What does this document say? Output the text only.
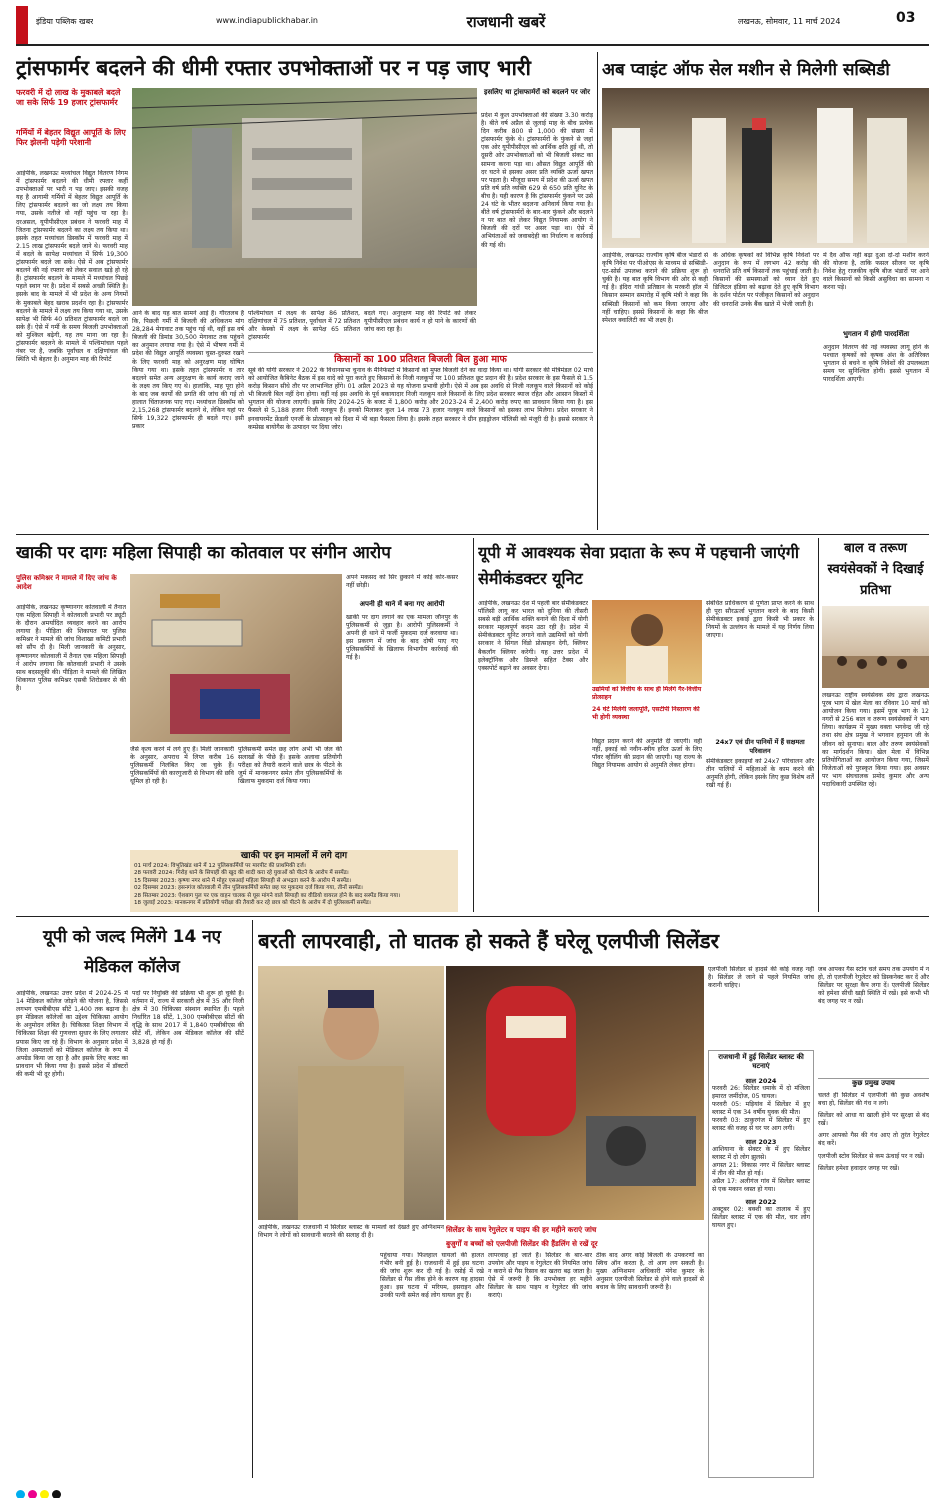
इंडिया पब्लिक खबर	www.indiapublickhabar.in	राजधानी खबरें	लखनऊ, सोमवार, 11 मार्च 2024	03
ट्रांसफार्मर बदलने की धीमी रफ्तार उपभोक्ताओं पर न पड़ जाए भारी
फरवरी में दो लाख के मुकाबले बदले जा सके सिर्फ 19 हजार ट्रांसफार्मर
गर्मियों में बेहतर विद्युत आपूर्ति के लिए फिर झेलनी पड़ेगी परेशानी
आईपीके, लखनऊः मध्यांचल विद्युत वितरण निगम में ट्रांसफार्मर बदलने की धीमी रफ्तार कहीं उपभोक्ताओं पर भारी न पड़ जाए। इसकी वजह यह है आगामी गर्मियों में बेहतर विद्युत आपूर्ति के लिए ट्रांसफार्मर बदलने का जो लक्ष्य तय किया गया, उसके नतीजे वो नहीं पहुंच पा रहा है। दरअसल, यूपीपीसीएल प्रबंधन ने फरवरी माह में जितना ट्रांसफार्मर बदलने का लक्ष्य तय किया था। इसके तहत मध्यांचल डिस्कॉम में फरवरी माह में 2.15 लाख ट्रांसफार्मर बदले जाने थे। फरवरी माह में बदले के सापेक्ष मध्यांचल में सिर्फ 19,300 ट्रांसफार्मर बदले जा सके। ऐसे में अब ट्रांसफार्मर बदलने की नई रफ्तार को लेकर सवाल खड़े हो रहे हैं। ट्रांसफार्मर बदलने के मामले में मध्यांचल पिछड़े पहले स्थान पर है। प्रदेश में सबसे अच्छी स्थिति है। इसके बाद के मामले में भी प्रदेश के अन्य निगमों के मुकाबले बेहद खराब प्रदर्शन रहा है। ट्रांसफार्मर बदलने के मामले में लक्ष्य तय किया गया था, उसके सापेक्ष भी सिर्फ 40 प्रतिशत ट्रांसफार्मर बदले जा सके हैं। ऐसे में गर्मी के समय बिजली उपभोक्ताओं को मुश्किल बढ़ेगी, यह तय माना जा रहा है। ट्रांसफार्मर बदलने के मामले में पश्चिमांचल पहले नंबर पर है, जबकि पूर्वांचल व दक्षिणांचल की स्थिति भी बेहतर है। अनुमान माह की रिपोर्ट
आने के बाद यह बात सामने आई है। गौरतलब है कि, पिछली गर्मी में बिजली की अधिकतम मांग 28,284 मेगावाट तक पहुंच गई थी, वहीं इस वर्ष बिजली की डिमांड 30,500 मेगावाट तक पहुंचने का अनुमान लगाया गया है। ऐसे में भीषण गर्मी में प्रदेश की विद्युत आपूर्ति व्यवस्था चुस्त-दुरुस्त रखने के लिए फरवरी माह को अनुरक्षण माह घोषित किया गया था। इसके तहत ट्रांसफार्मर व तार बदलने समेत अन्य अनुरक्षण के कार्य कराए जाने के लक्ष्य तय किए गए थे। हालांकि, माह पूरा होने के बाद जब कार्यों की प्रगति की जांच की गई तो हालात चिंताजनक पाए गए। मध्यांचल डिस्कॉम को 2,15,268 ट्रांसफार्मर बदलने थे, लेकिन यहां पर सिर्फ 19,322 ट्रांसफार्मर ही बदले गए। इसी प्रकार
पश्चिमांचल में लक्ष्य के सापेक्ष 86 प्रतिशत, दक्षिणांचल में 75 प्रतिशत, पूर्वांचल में 72 प्रतिशत और केस्को में लक्ष्य के सापेक्ष 65 प्रतिशत ट्रांसफार्मर
बदले गए। अनुरक्षण माह की रिपोर्ट को लेकर यूपीपीसीएल प्रबंधन कार्य न हो पाने के कारणों की जांच करा रहा है।
इसलिए था ट्रांसफार्मरों को बदलने पर जोर
प्रदेश में कुल उपभोक्ताओं की संख्या 3.30 करोड़ है। बीते वर्ष अप्रैल से जुलाई माह के बीच प्रत्येक दिन करीब 800 से 1,000 की संख्या में ट्रांसफार्मर फुंके थे। ट्रांसफार्मरों के फुंकने से जहां एक ओर यूपीपीसीएल को आर्थिक क्षति हुई थी, तो दूसरी ओर उपभोक्ताओं को भी बिजली संकट का सामना करना पड़ा था। औसत विद्युत आपूर्ति की दर घटने से इसका असर प्रति व्यक्ति ऊर्जा खपत पर पड़ता है। मौजूदा समय में प्रदेश की ऊर्जा खपत प्रति वर्ष प्रति व्यक्ति 629 से 650 प्रति यूनिट के बीच है। यही कारण है कि ट्रांसफार्मर फुंकने पर उसे 24 घंटे के भीतर बदलना अनिवार्य किया गया है। बीते वर्ष ट्रांसफार्मरों के बार-बार फुंकने और बदलने न पर बात को लेकर विद्युत नियामक आयोग ने बिजली की दरों पर असर पड़ा था। ऐसे में अभियंताओं को जवाबदेही का निर्धारण व कार्रवाई की गई थी।
किसानों का 100 प्रतिशत बिजली बिल हुआ माफ
सूबे की योगी सरकार ने 2022 के विधानसभा चुनाव के मैनिफेस्टो में किसानों को मुफ्त बिजली देने का वादा किया था। योगी सरकार की मंत्रिमंडल 02 मार्च को आयोजित कैबिनेट बैठक में इस वादे को पूरा करते हुए किसानों के निजी नलकूपों पर 100 प्रतिशत छूट प्रदान की है। प्रदेश सरकार के इस फैसले से 1.5 करोड़ किसान सीधे तौर पर लाभान्वित होंगे। 01 अप्रैल 2023 से यह योजना प्रभावी होगी। ऐसे में अब इस अवधि से निजी नलकूप वाले किसानों को कोई भी बिजली बिल नहीं देना होगा। वहीं नई इस अवधि के पूर्व बकायादार निजी नलकूप वाले किसानों के लिए प्रदेश सरकार ब्याज रहित और आसान किस्तों में भुगतान की योजना लाएगी। इसके लिए 2024-25 के बजट में 1,800 करोड़ और 2023-24 में 2,400 करोड़ रुपए का प्रावधान किया गया है। इस फैसले से 5,188 हजार निजी नलकूप हैं। इनको मिलाकर कुल 14 लाख 73 हजार नलकूप वाले किसानों को इसका लाभ मिलेगा। प्रदेश सरकार ने इनवायरमेंट फ्रेंडली एनर्जी के प्रोत्साहन को दिशा में भी बड़ा फैसला लिया है। इसके तहत सरकार ने ग्रीन हाइड्रोजन पॉलिसी को मंजूरी दी है। इससे सरकार ने कम्प्रेस्ड बायोगैस के उत्पादन पर दिया जोर।
अब प्वाइंट ऑफ सेल मशीन से मिलेगी सब्सिडी
आईपीके, लखनऊः राज्यीय कृषि बीज भंडारों से कृषि निवेश पर पीओएस के माध्यम से सब्सिडी-एट-सोर्स उपलब्ध कराने की प्रक्रिया शुरू हो चुकी है। यह बात कृषि विभाग की ओर से कही गई है। इंदिरा गांधी प्रतिष्ठान के मरकरी हॉल में किसान सम्मान समारोह में कृषि मंत्री ने कहा कि सब्सिडी किसानों को कम किया जाएगा और नहीं चाहिए। इससे किसानों के कहा कि बीज स्पेशल क्वालिटी का भी लक्ष्य है।
के अधिक कृषकों को विभिन्न कृषि निवेशों पर अनुदान के रूप में लगभग 42 करोड़ की धनराशि प्रति वर्ष किसानों तक पहुंचाई जाती है। किसानों की समस्याओं को ध्यान देते हुए डिजिटल इंडिया को बढ़ावा देते हुए कृषि विभाग के दर्शन पोर्टल पर पंजीकृत किसानों को अनुदान की धनराशि उनके बैंक खाते में भेजी जाती है।
में दैव ऑफ नहीं बढ़ा दुआ दो-दो मशीन करने की योजना है, ताकि फसल सीजन पर कृषि निवेश हेतु राजकीय कृषि बीज भंडारों पर आने वाले किसानों को किसी असुविधा का सामना न करना पड़े।
भुगतान में होगी पारदर्शिता
अनुदान वितरण की नई व्यवस्था लागू होने के पश्चात कृषकों को कृषक अंश के अतिरिक्त भुगतान से बचने व कृषि निवेशों की उपलब्धता समय पर सुनिश्चित होगी। इससे भुगतान में पारदर्शिता आएगी।
खाकी पर दागः महिला सिपाही का कोतवाल पर संगीन आरोप
पुलिस कमिश्नर ने मामले में दिए जांच के आदेश
आईपीके, लखनऊः कृष्णानगर कोतवाली में तैनात एक महिला सिपाही ने कोतवाली प्रभारी पर ड्यूटी के दौरान अमर्यादित व्यवहार करने का आरोप लगाया है। पीड़िता की शिकायत पर पुलिस कमिश्नर ने मामले की जांच विशाखा कमिटी प्रभारी को सौंप दी है। मिली जानकारी के अनुसार, कृष्णानगर कोतवाली में तैनात एक महिला सिपाही ने आरोप लगाया कि कोतवाली प्रभारी ने उसके साथ बदसलूकी की। पीड़िता ने मामले की लिखित शिकायत पुलिस कमिश्नर एसबी शिरोडकर से की है।
जैसे कृत्य करने में लगे हुए हैं। मिली जानकारी के अनुसार, अपराध में लिप्त करीब 16 पुलिसकर्मी निलंबित किए जा चुके हैं। पुलिसकर्मियों की कारगुजारी से विभाग की छवि धूमिल हो रही है।
पुलिसकर्मी समेत छह लोग अभी भी जेल की सलाखों के पीछे हैं। इसके अलावा प्रतियोगी परीक्षा को तैयारी कराने वाले छात्र के पीटने के जुर्म में मानकनगर समेत तीन पुलिसकर्मियों के खिलाफ मुकदमा दर्ज किया गया।
अपने मकसद को सिर छुकाने में कोई कोर-कसर नहीं छोड़ी।
अपनी ही थाने में बना गए आरोपी
खाकी पर दाग लगाने का एक मामला जौनपुर के पुलिसकर्मी से जुड़ा है। आरोपी पुलिसकर्मी ने अपनी ही थाने में फर्जी मुकदमा दर्ज करवाया था। इस प्रकरण में जांच के बाद दोषी पाए गए पुलिसकर्मियों के खिलाफ विभागीय कार्रवाई की गई है।
खाकी पर इन मामलों में लगे दाग
01 मार्च 2024: विभूतिखंड थाने में 12 पुलिसकर्मियों पर मारपीट की प्राथमिकी दर्ज।
28 फरवरी 2024: गिरोह थाने के सिपाही की खुद की शादी करा रहे युवाओं को पीटने के आरोप में सस्पेंड।
15 दिसम्बर 2023: कृष्णा नगर थाने में मोहुर एसआई महिला सिपाही से अभद्रता करने के आरोप में सस्पेंड।
02 दिसम्बर 2023: हसनगंज कोतवाली में तीन पुलिसकर्मियों समेत छह पर मुकदमा दर्ज किया गया, तीनों सस्पेंड।
28 सितम्बर 2023: ऐशबाग पुल पर एक वाहन चालक से घूस मांगने वाले सिपाही का वीडियो वायरल होने के बाद सस्पेंड किया गया।
18 जुलाई 2023: मानकनगर में प्रतियोगी परीक्षा की तैयारी कर रहे छात्र को पीटने के आरोप में दो पुलिसकर्मी सस्पेंड।
यूपी में आवश्यक सेवा प्रदाता के रूप में पहचानी जाएंगी सेमीकंडक्टर यूनिट
आईपीके, लखनऊः देश में पहली बार सेमीकंडक्टर पॉलिसी लागू कर भारत को दुनिया की तीसरी सबसे बड़ी आर्थिक शक्ति बनाने की दिशा में योगी सरकार महत्वपूर्ण कदम उठा रही है। प्रदेश में सेमीकंडक्टर यूनिट लगाने वाले उद्यमियों को योगी सरकार ने सिंगल विंडो प्रोत्साहन देगी, क्लियर बैकलॉग क्लियर करेगी। यह उत्तर प्रदेश में इलेक्ट्रॉनिक और डिस्प्ले सहित टैक्स और एक्सपोर्ट बढ़ाने का अवसर देगा।
उद्यमियों को वित्तीय के साथ ही मिलेंगे गैर-वित्तीय प्रोत्साहन
24 घंटे मिलेगी जलापूर्ति, एसटीपी निस्तारण की भी होगी व्यवस्था
विद्युत प्रदान करने की अनुमति दी जाएगी। वहीं नहीं, इकाई को नवीन-स्वीय हरित ऊर्जा के लिए पॉवर व्हीलिंग की प्रदान की जाएगी। यह राज्य के विद्युत नियामक आयोग से अनुमति लेकर होगा।
संबंधित प्राधिकरण से पूर्णता प्राप्त करने के साथ ही पूरा सौरऊर्जा भुगतान करने के बाद किसी सेमीकंडक्टर इकाई द्वारा किसी भी प्रकार के नियमों के उल्लंघन के मामले में यह निर्णय लिया जाएगा।
24x7 एवं ग्रीन पानियों में हैं सक्षमता परिवालन
सेमीकंडक्टर इकाइयों को 24x7 परिचालन और तीन पालियों में महिलाओं के काम करने की अनुमति होगी, लेकिन इसके लिए कुछ विशेष शर्तें रखी गई हैं।
बाल व तरूण स्वयंसेवकों ने दिखाई प्रतिभा
लखनऊः राष्ट्रीय स्वयंसेवक संघ द्वारा लखनऊ पूरब भाग में खेल मेला का रविवार 10 मार्च को आयोजन किया गया। इसमें पूरब भाग के 12 नगरों से 256 बाल व तरूण स्वयंसेवकों ने भाग लिया। कार्यक्रम में मुख्य वक्ता भगवेन्द्र जी रहे तथा संघ क्षेत्र प्रमुख ने भगवान हनुमान जी के जीवन को सुनाया। बाल और तरुण स्वयंसेवकों का मार्गदर्शन किया। खेल मेला में विभिन्न प्रतियोगिताओं का आयोजन किया गया, जिसमें विजेताओं को पुरस्कृत किया गया। इस अवसर पर भाग संघचालक प्रमोद कुमार और अन्य पदाधिकारी उपस्थित रहे।
यूपी को जल्द मिलेंगे 14 नए मेडिकल कॉलेज
आईपीके, लखनऊः उत्तर प्रदेश में 2024-25 में 14 मेडिकल कॉलेज जोड़ने की योजना है, जिससे लगभग एमबीबीएस सीटें 1,400 तक बढ़ाना है। इन मेडिकल कॉलेजों का उद्देश्य चिकित्सा आयोग के अनुमोदन लंबित है। चिकित्सा शिक्षा विभाग में चिकित्सा शिक्षा की गुणवत्ता सुधार के लिए लगातार प्रयास किए जा रहे हैं। विभाग के अनुसार प्रदेश में जिला अस्पतालों को मेडिकल कॉलेज के रूप में अपग्रेड किया जा रहा है और इसके लिए बजट का प्रावधान भी किया गया है। इससे प्रदेश में डॉक्टरों की कमी भी दूर होगी।
पदों पर नियुक्ति की प्रक्रिया भी शुरू हो चुकी है। वर्तमान में, राज्य में सरकारी क्षेत्र में 35 और निजी क्षेत्र में 30 चिकित्सा संस्थान स्थापित हैं। पहले निर्धारित 18 सीटें, 1,300 एमबीबीएस सीटों की वृद्धि के साथ 2017 में 1,840 एमबीबीएस की सीटें थीं, लेकिन अब मेडिकल कॉलेज की सीटें 3,828 हो गई हैं।
बरती लापरवाही, तो घातक हो सकते हैं घरेलू एलपीजी सिलेंडर
आईपीके, लखनऊः राजधानी में सिलेंडर ब्लास्ट के मामलों को देखते हुए अग्निशमन विभाग ने लोगों को सावधानी बरतने की सलाह दी है।
सिलेंडर के साथ रेगुलेटर व पाइप की हर महीने कराएं जांच
बुजुर्गों व बच्चों को एलपीजी सिलेंडर की हैंडलिंग से रखें दूर
पहुंचाया गया। फिलहाल घायलों की हालत गंभीर बनी हुई है। राजधानी में हुई इस घटना की जांच शुरू कर दी गई है। रसोई में रखे सिलेंडर से गैस लीक होने के कारण यह हादसा हुआ। इस घटना में मरियम, इसराइन और उनकी पत्नी समेत कई लोग घायल हुए हैं।
लापरवाह हो जाते हैं। सिलेंडर के बार-बार उपयोग और पाइप व रेगुलेटर की नियमित जांच न कराने से गैस रिसाव का खतरा बढ़ जाता है। ऐसे में जरूरी है कि उपभोक्ता हर महीने सिलेंडर के साथ पाइप व रेगुलेटर की जांच कराएं।
ठीक बाद अगर कोई बिजली के उपकरणों का स्विच ऑन करता है, तो आग लग सकती है। मुख्य अग्निशमन अधिकारी मंगेश कुमार के अनुसार एलपीजी सिलेंडर से होने वाले हादसों से बचाव के लिए सावधानी जरूरी है।
एलपीजी सिलेंडर से हादसे की कोई वजह नहीं है। सिलेंडर ले जाने से पहले नियमित जांच करानी चाहिए।
राजधानी में हुई सिलेंडर ब्लास्ट की घटनाएं
साल 2024
फरवरी 26: सिलेंडर धमाके में दो मंजिला इमारत जमींदोज, 05 घायल।
फरवरी 05: मड़ियांव में सिलेंडर में हुए ब्लास्ट में एक 34 वर्षीय युवक की मौत।
फरवरी 03: ठाकुरगंज में सिलेंडर में हुए ब्लास्ट की वजह से घर पर आग लगी।
साल 2023
आशियाना के सेक्टर के में हुए सिलेंडर ब्लास्ट में दो लोग झुलसे।
अगस्त 21: विकास नगर में सिलेंडर ब्लास्ट में तीन की मौत हो गई।
अप्रैल 17: अलीगंज गांव में सिलेंडर ब्लास्ट से एक मकान ध्वस्त हो गया।
साल 2022
अक्टूबर 02: बक्शी का तालाब में हुए सिलेंडर ब्लास्ट में एक की मौत, चार लोग घायल हुए।
जब आपका गैस स्टोव चले समय तक उपयोग में न हो, तो एलपीजी रेगुलेटर को डिस्कनेक्ट कर दें और सिलेंडर पर सुरक्षा कैप लगा दें। एलपीजी सिलेंडर को हमेशा सीधी खड़ी स्थिति में रखें। इसे कभी भी बंद जगह पर न रखें।
कुछ प्रमुख उपाय
चलते ही सिलेंडर में एलपीजी की कुछ अवशेष बचा हो, सिलेंडर की गंध न लगे।
सिलेंडर को आधा या खाली होने पर सुरक्षा से बंद रखें।
अगर आपको गैस की गंध आए तो तुरंत रेगुलेटर बंद करें।
एलपीजी स्टोव सिलेंडर से कम ऊंचाई पर न रखें।
सिलेंडर हमेशा हवादार जगह पर रखें।
